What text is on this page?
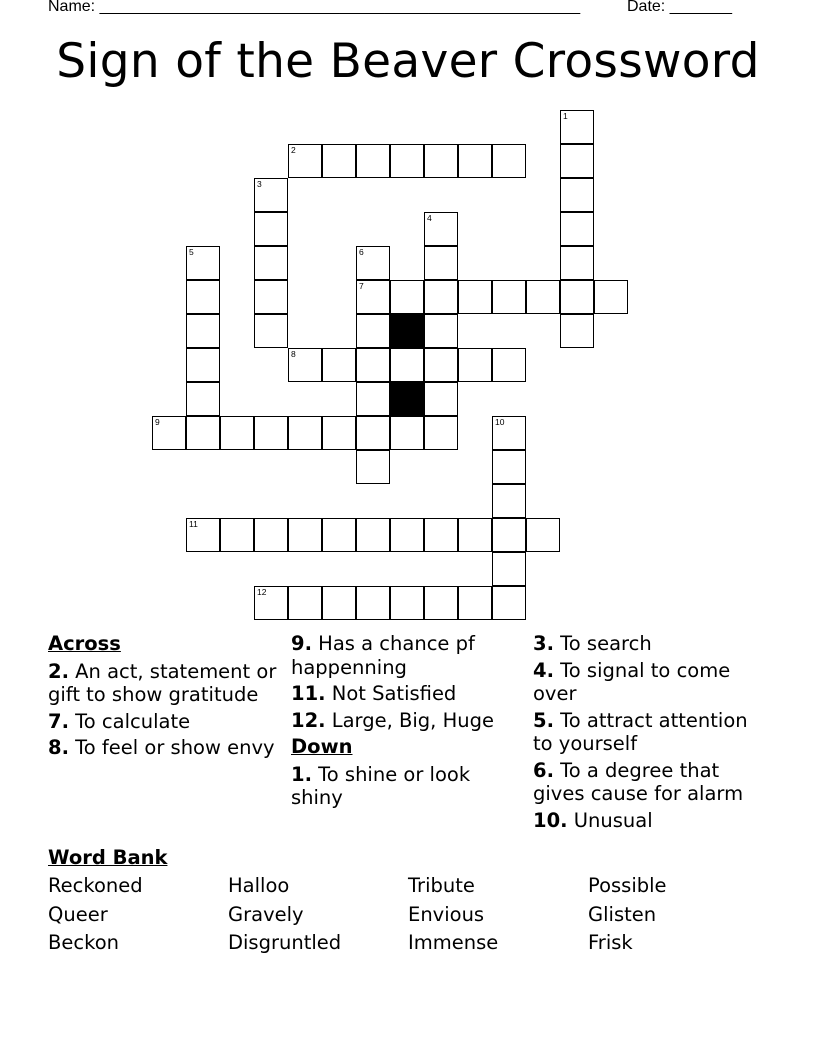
Name: ______________________________________________________	Date: _______
Sign of the Beaver Crossword
2
7
8
9
11
12
1
3
4
5	6
10
Across
2. An act, statement or gift to show gratitude
7. To calculate
8. To feel or show envy
9. Has a chance pf happenning
11. Not Satisfied
12. Large, Big, Huge
Down
1. To shine or look shiny
3. To search
4. To signal to come over
5. To attract attention to yourself
6. To a degree that gives cause for alarm
10. Unusual
Word Bank
Reckoned	Halloo	Tribute	Possible
Queer	Gravely	Envious	Glisten
Beckon	Disgruntled	Immense	Frisk
